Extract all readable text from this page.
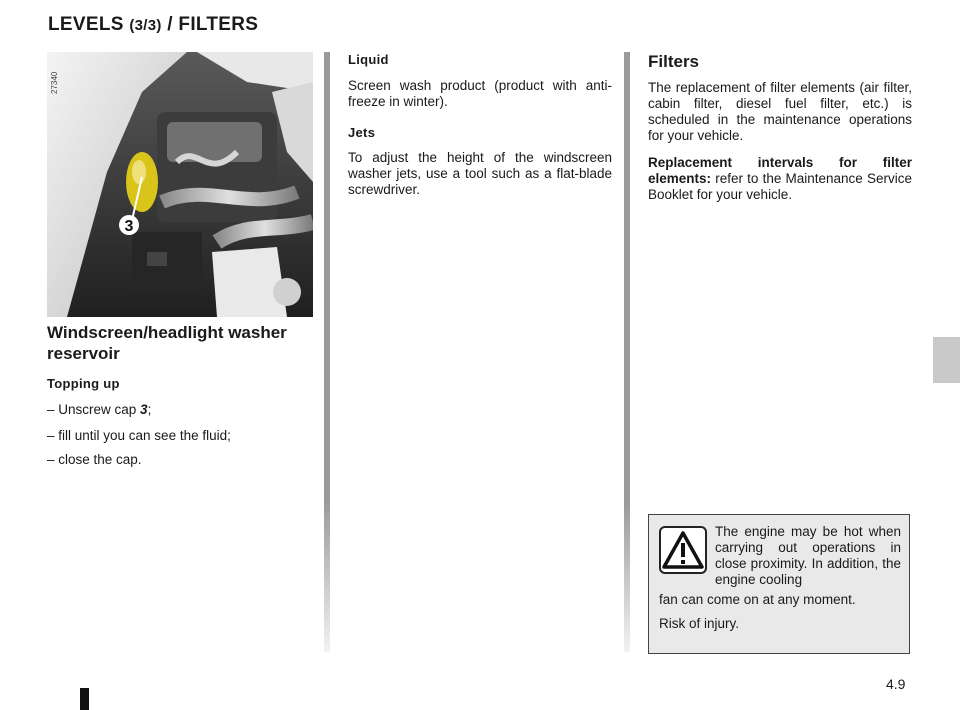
LEVELS (3/3) / FILTERS
3
27340
Windscreen/headlight washer reservoir
Topping up
– Unscrew cap 3;
– fill until you can see the fluid;
– close the cap.
Liquid
Screen wash product (product with anti-freeze in winter).
Jets
To adjust the height of the windscreen washer jets, use a tool such as a flat-blade screwdriver.
Filters
The replacement of filter elements (air filter, cabin filter, diesel fuel filter, etc.) is scheduled in the maintenance operations for your vehicle.
Replacement intervals for filter elements: refer to the Maintenance Service Booklet for your vehicle.
The engine may be hot when carrying out operations in close proximity. In addition, the engine cooling
fan can come on at any moment.
Risk of injury.
4.9
